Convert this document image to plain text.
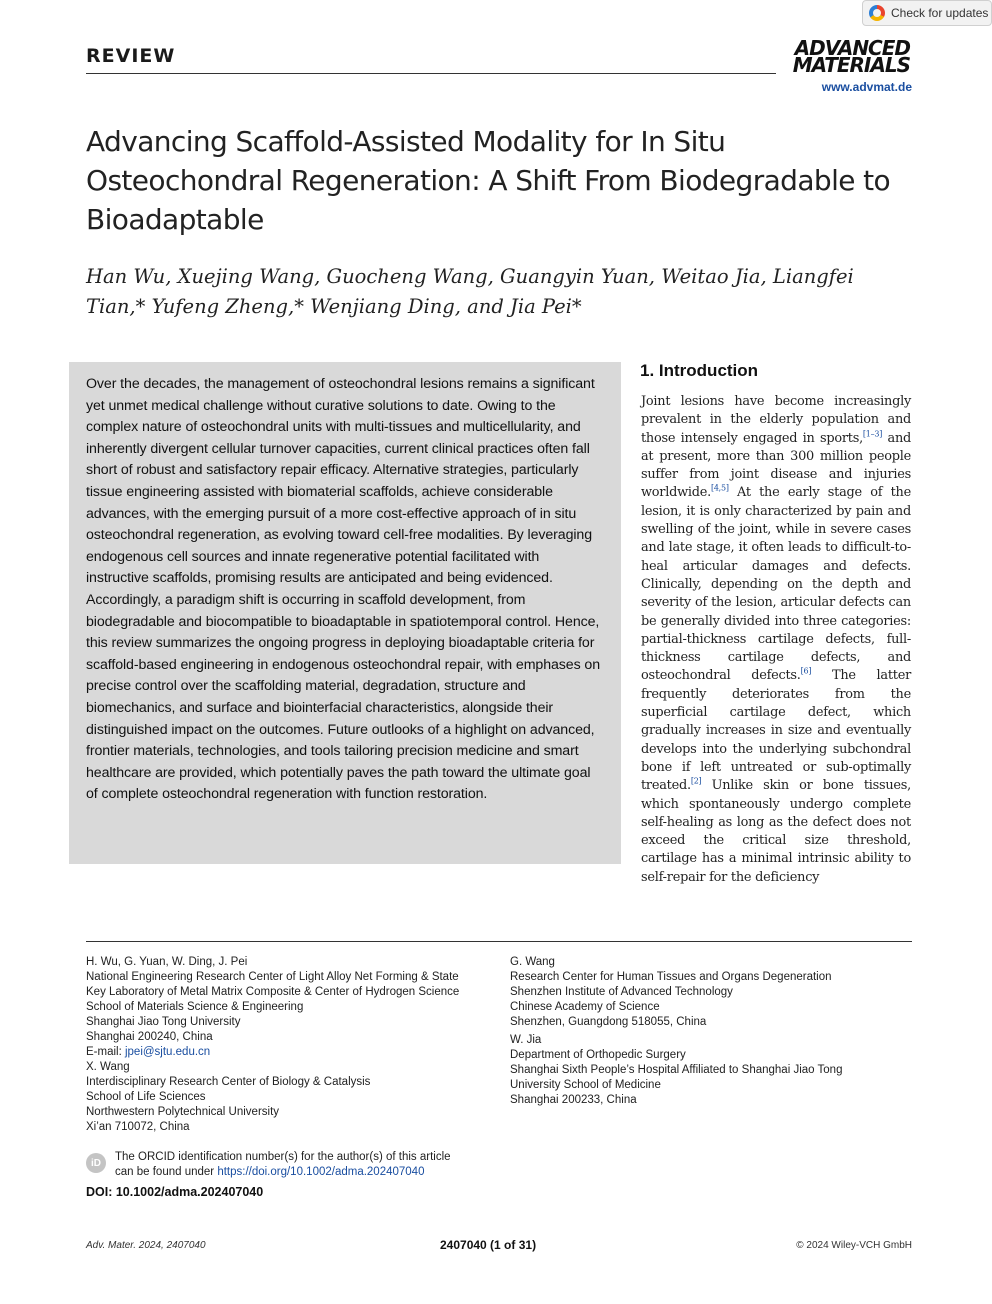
Check for updates
REVIEW	ADVANCED
MATERIALS
www.advmat.de
Advancing Scaffold-Assisted Modality for In Situ Osteochondral Regeneration: A Shift From Biodegradable to Bioadaptable
Han Wu, Xuejing Wang, Guocheng Wang, Guangyin Yuan, Weitao Jia, Liangfei Tian,* Yufeng Zheng,* Wenjiang Ding, and Jia Pei*
Over the decades, the management of osteochondral lesions remains a significant yet unmet medical challenge without curative solutions to date. Owing to the complex nature of osteochondral units with multi-tissues and multicellularity, and inherently divergent cellular turnover capacities, current clinical practices often fall short of robust and satisfactory repair efficacy. Alternative strategies, particularly tissue engineering assisted with biomaterial scaffolds, achieve considerable advances, with the emerging pursuit of a more cost-effective approach of in situ osteochondral regeneration, as evolving toward cell-free modalities. By leveraging endogenous cell sources and innate regenerative potential facilitated with instructive scaffolds, promising results are anticipated and being evidenced. Accordingly, a paradigm shift is occurring in scaffold development, from biodegradable and biocompatible to bioadaptable in spatiotemporal control. Hence, this review summarizes the ongoing progress in deploying bioadaptable criteria for scaffold-based engineering in endogenous osteochondral repair, with emphases on precise control over the scaffolding material, degradation, structure and biomechanics, and surface and biointerfacial characteristics, alongside their distinguished impact on the outcomes. Future outlooks of a highlight on advanced, frontier materials, technologies, and tools tailoring precision medicine and smart healthcare are provided, which potentially paves the path toward the ultimate goal of complete osteochondral regeneration with function restoration.
1. Introduction
Joint lesions have become increasingly prevalent in the elderly population and those intensely engaged in sports,[1–3] and at present, more than 300 million people suffer from joint disease and injuries worldwide.[4,5] At the early stage of the lesion, it is only characterized by pain and swelling of the joint, while in severe cases and late stage, it often leads to difficult-to-heal articular damages and defects. Clinically, depending on the depth and severity of the lesion, articular defects can be generally divided into three categories: partial-thickness cartilage defects, full-thickness cartilage defects, and osteochondral defects.[6] The latter frequently deteriorates from the superficial cartilage defect, which gradually increases in size and eventually develops into the underlying subchondral bone if left untreated or sub-optimally treated.[2] Unlike skin or bone tissues, which spontaneously undergo complete self-healing as long as the defect does not exceed the critical size threshold, cartilage has a minimal intrinsic ability to self-repair for the deficiency
H. Wu, G. Yuan, W. Ding, J. Pei
National Engineering Research Center of Light Alloy Net Forming & State
Key Laboratory of Metal Matrix Composite & Center of Hydrogen Science
School of Materials Science & Engineering
Shanghai Jiao Tong University
Shanghai 200240, China
E-mail: jpei@sjtu.edu.cn
X. Wang
Interdisciplinary Research Center of Biology & Catalysis
School of Life Sciences
Northwestern Polytechnical University
Xi’an 710072, China
G. Wang
Research Center for Human Tissues and Organs Degeneration
Shenzhen Institute of Advanced Technology
Chinese Academy of Science
Shenzhen, Guangdong 518055, China
W. Jia
Department of Orthopedic Surgery
Shanghai Sixth People’s Hospital Affiliated to Shanghai Jiao Tong
University School of Medicine
Shanghai 200233, China
iD	The ORCID identification number(s) for the author(s) of this article
can be found under https://doi.org/10.1002/adma.202407040
DOI: 10.1002/adma.202407040
Adv. Mater. 2024, 2407040	2407040 (1 of 31)	© 2024 Wiley-VCH GmbH
